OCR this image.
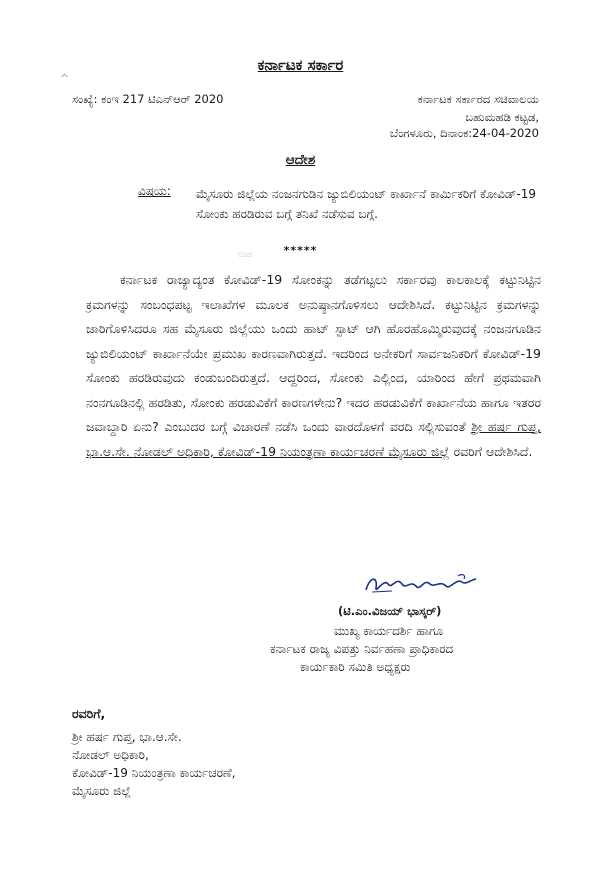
ಕರ್ನಾಟಕ ಸರ್ಕಾರ
^
ಸಂಖ್ಯೆ: ಕಂಇ 217 ಟಿಎನ್ಆರ್ 2020	ಕರ್ನಾಟಕ ಸರ್ಕಾರದ ಸಚಿವಾಲಯ
ಬಹುಮಹಡಿ ಕಟ್ಟಡ,
ಬೆಂಗಳೂರು, ದಿನಾಂಕ:24-04-2020
ಆದೇಶ
ವಿಷಯ: ಮೈಸೂರು ಜಿಲ್ಲೆಯ ನಂಜನಗುಡಿನ ಜ್ಯುಬಿಲಿಯಂಟ್ ಕಾರ್ಖಾನೆ ಕಾರ್ಮಿಕರಿಗೆ ಕೋವಿಡ್-19 ಸೋಂಕು ಹರಡಿರುವ ಬಗ್ಗೆ ತನಿಖೆ ನಡೆಸುವ ಬಗ್ಗೆ.
*****
ಉದ
ಕರ್ನಾಟಕ ರಾಜ್ಯಾದ್ಯಂತ ಕೋವಿಡ್-19 ಸೋಂಕನ್ನು ತಡೆಗಟ್ಟಲು ಸರ್ಕಾರವು ಕಾಲಕಾಲಕ್ಕೆ ಕಟ್ಟುನಿಟ್ಟಿನ ಕ್ರಮಗಳನ್ನು ಸಂಬಂಧಪಟ್ಟ ಇಲಾಖೆಗಳ ಮೂಲಕ ಅನುಷ್ಠಾನಗೊಳಿಸಲು ಆದೇಶಿಸಿದೆ. ಕಟ್ಟುನಿಟ್ಟಿನ ಕ್ರಮಗಳನ್ನು ಜಾರಿಗೊಳಿಸಿದರೂ ಸಹ ಮೈಸೂರು ಜಿಲ್ಲೆಯು ಒಂದು ಹಾಟ್ ಸ್ಪಾಟ್ ಆಗಿ ಹೊರಹೊಮ್ಮಿರುವುದಕ್ಕೆ ನಂಜನಗೂಡಿನ ಜ್ಯುಬಿಲಿಯಂಟ್ ಕಾರ್ಖಾನೆಯೇ ಪ್ರಮುಖ ಕಾರಣವಾಗಿರುತ್ತದೆ. ಇದರಿಂದ ಅನೇಕರಿಗೆ ಸಾರ್ವಜನಿಕರಿಗೆ ಕೋವಿಡ್-19 ಸೋಂಕು ಹರಡಿರುವುದು ಕಂಡುಬಂದಿರುತ್ತದೆ. ಆದ್ದರಿಂದ, ಸೋಂಕು ಎಲ್ಲಿಂದ, ಯಾರಿಂದ ಹೇಗೆ ಪ್ರಥಮವಾಗಿ ನಂನಗೂಡಿನಲ್ಲಿ ಹರಡಿತು, ಸೋಂಕು ಹರಡುವಿಕೆಗೆ ಕಾರಣಗಳೇನು? ಇದರ ಹರಡುವಿಕೆಗೆ ಕಾರ್ಖಾನೆಯ ಹಾಗೂ ಇತರರ ಜವಾಬ್ದಾರಿ ಏನು? ಎಂಬುದರ ಬಗ್ಗೆ ವಿಚಾರಣೆ ನಡೆಸಿ ಒಂದು ವಾರದೊಳಗೆ ವರದಿ ಸಲ್ಲಿಸುವಂತೆ ಶ್ರೀ ಹರ್ಷ ಗುಪ್ತ, ಭಾ.ಆ.ಸೇ. ನೋಡಲ್ ಅಧಿಕಾರಿ, ಕೋವಿಡ್-19 ನಿಯಂತ್ರಣಾ ಕಾರ್ಯಚರಣೆ ಮೈಸೂರು ಜಿಲ್ಲೆ ರವರಿಗೆ ಆದೇಶಿಸಿದೆ.
(ಟಿ.ಎಂ.ವಿಜಯ್ ಭಾಸ್ಕರ್)
ಮುಖ್ಯ ಕಾರ್ಯದರ್ಶಿ ಹಾಗೂ
ಕರ್ನಾಟಕ ರಾಜ್ಯ ವಿಪತ್ತು ನಿರ್ವಹಣಾ ಪ್ರಾಧಿಕಾರದ
ಕಾರ್ಯಕಾರಿ ಸಮಿತಿ ಅಧ್ಯಕ್ಷರು
ರವರಿಗೆ,
ಶ್ರೀ ಹರ್ಷ ಗುಪ್ತ, ಭಾ.ಆ.ಸೇ.
ನೋಡಲ್ ಅಧಿಕಾರಿ,
ಕೋವಿಡ್-19 ನಿಯಂತ್ರಣಾ ಕಾರ್ಯಚರಣೆ,
ಮೈಸೂರು ಜಿಲ್ಲೆ
